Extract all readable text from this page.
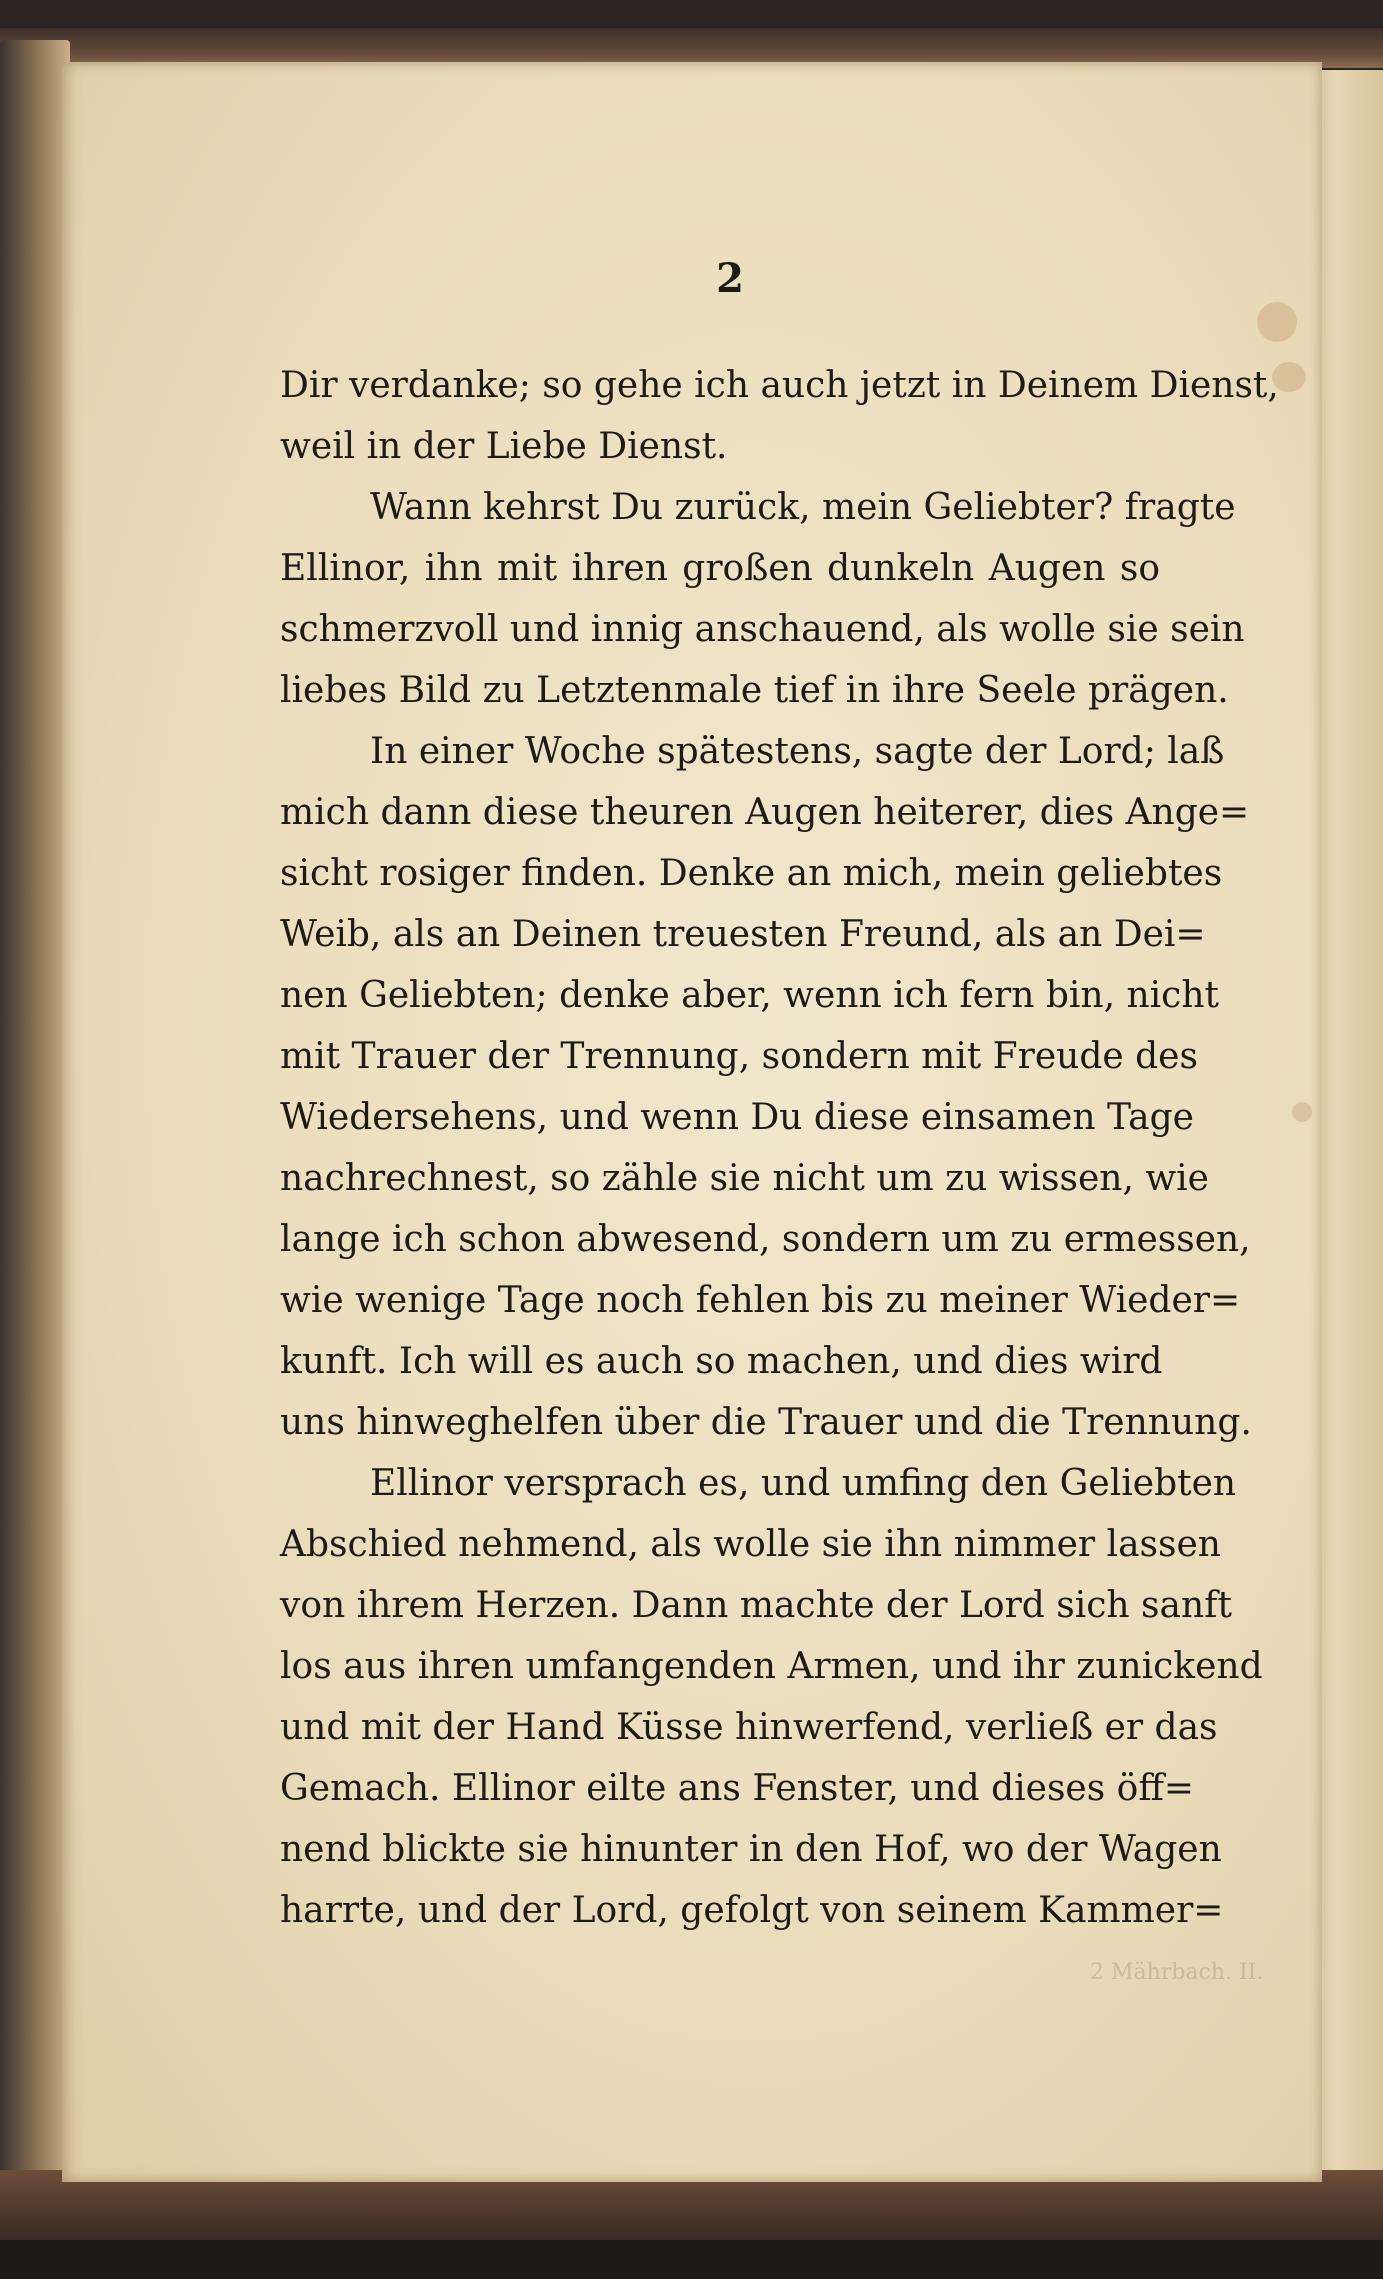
2
Dir verdanke; so gehe ich auch jetzt in Deinem Dienst,
weil in der Liebe Dienst.
Wann kehrst Du zurück, mein Geliebter? fragte
Ellinor, ihn mit ihren großen dunkeln Augen so
schmerzvoll und innig anschauend, als wolle sie sein
liebes Bild zu Letztenmale tief in ihre Seele prägen.
In einer Woche spätestens, sagte der Lord; laß
mich dann diese theuren Augen heiterer, dies Ange=
sicht rosiger finden. Denke an mich, mein geliebtes
Weib, als an Deinen treuesten Freund, als an Dei=
nen Geliebten; denke aber, wenn ich fern bin, nicht
mit Trauer der Trennung, sondern mit Freude des
Wiedersehens, und wenn Du diese einsamen Tage
nachrechnest, so zähle sie nicht um zu wissen, wie
lange ich schon abwesend, sondern um zu ermessen,
wie wenige Tage noch fehlen bis zu meiner Wieder=
kunft. Ich will es auch so machen, und dies wird
uns hinweghelfen über die Trauer und die Trennung.
Ellinor versprach es, und umfing den Geliebten
Abschied nehmend, als wolle sie ihn nimmer lassen
von ihrem Herzen. Dann machte der Lord sich sanft
los aus ihren umfangenden Armen, und ihr zunickend
und mit der Hand Küsse hinwerfend, verließ er das
Gemach. Ellinor eilte ans Fenster, und dieses öff=
nend blickte sie hinunter in den Hof, wo der Wagen
harrte, und der Lord, gefolgt von seinem Kammer=
2 Mährbach. II.
